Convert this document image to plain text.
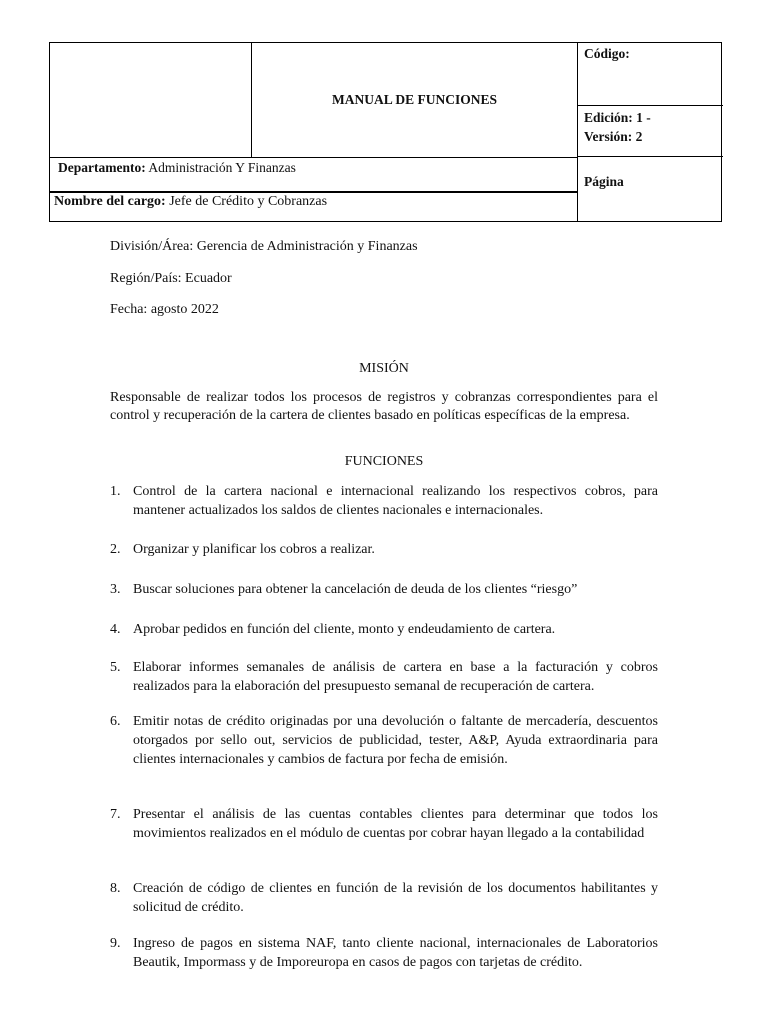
MANUAL DE FUNCIONES
Código:
Edición: 1 -
Versión: 2
Departamento: Administración Y Finanzas
Nombre del cargo: Jefe de Crédito y Cobranzas
Página
División/Área: Gerencia de Administración y Finanzas
Región/País: Ecuador
Fecha: agosto 2022
MISIÓN
Responsable de realizar todos los procesos de registros y cobranzas correspondientes para el control y recuperación de la cartera de clientes basado en políticas específicas de la empresa.
FUNCIONES
1. Control de la cartera nacional e internacional realizando los respectivos cobros, para mantener actualizados los saldos de clientes nacionales e internacionales.
2. Organizar y planificar los cobros a realizar.
3. Buscar soluciones para obtener la cancelación de deuda de los clientes “riesgo”
4. Aprobar pedidos en función del cliente, monto y endeudamiento de cartera.
5. Elaborar informes semanales de análisis de cartera en base a la facturación y cobros realizados para la elaboración del presupuesto semanal de recuperación de cartera.
6. Emitir notas de crédito originadas por una devolución o faltante de mercadería, descuentos otorgados por sello out, servicios de publicidad, tester, A&P, Ayuda extraordinaria para clientes internacionales y cambios de factura por fecha de emisión.
7. Presentar el análisis de las cuentas contables clientes para determinar que todos los movimientos realizados en el módulo de cuentas por cobrar hayan llegado a la contabilidad
8. Creación de código de clientes en función de la revisión de los documentos habilitantes y solicitud de crédito.
9. Ingreso de pagos en sistema NAF, tanto cliente nacional, internacionales de Laboratorios Beautik, Impormass y de Imporeuropa en casos de pagos con tarjetas de crédito.
